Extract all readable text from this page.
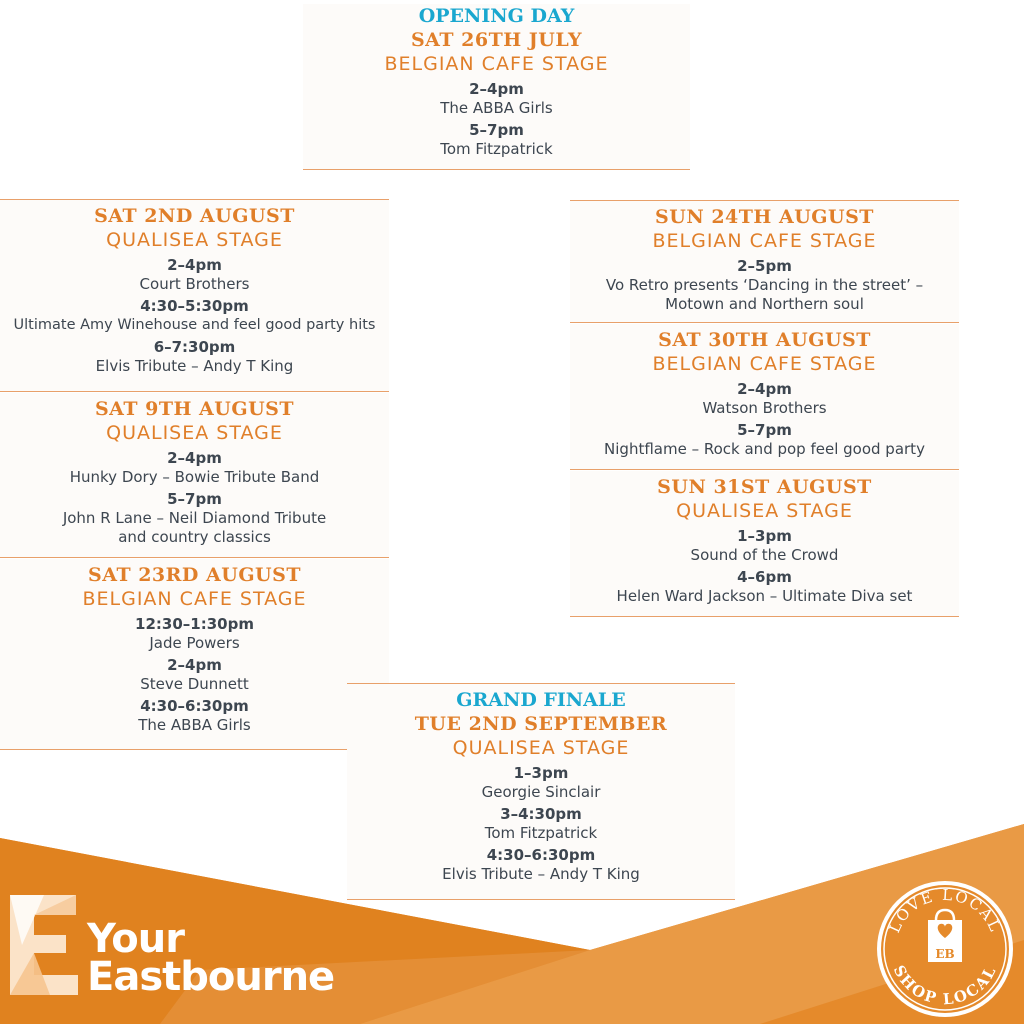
OPENING DAY
SAT 26TH JULY
BELGIAN CAFE STAGE
2–4pm
The ABBA Girls
5–7pm
Tom Fitzpatrick
SAT 2ND AUGUST
QUALISEA STAGE
2–4pm
Court Brothers
4:30–5:30pm
Ultimate Amy Winehouse and feel good party hits
6–7:30pm
Elvis Tribute – Andy T King
SAT 9TH AUGUST
QUALISEA STAGE
2–4pm
Hunky Dory – Bowie Tribute Band
5–7pm
John R Lane – Neil Diamond Tribute
and country classics
SAT 23RD AUGUST
BELGIAN CAFE STAGE
12:30–1:30pm
Jade Powers
2–4pm
Steve Dunnett
4:30–6:30pm
The ABBA Girls
SUN 24TH AUGUST
BELGIAN CAFE STAGE
2–5pm
Vo Retro presents ‘Dancing in the street’ –
Motown and Northern soul
SAT 30TH AUGUST
BELGIAN CAFE STAGE
2–4pm
Watson Brothers
5–7pm
Nightflame – Rock and pop feel good party
SUN 31ST AUGUST
QUALISEA STAGE
1–3pm
Sound of the Crowd
4–6pm
Helen Ward Jackson – Ultimate Diva set
GRAND FINALE
TUE 2ND SEPTEMBER
QUALISEA STAGE
1–3pm
Georgie Sinclair
3–4:30pm
Tom Fitzpatrick
4:30–6:30pm
Elvis Tribute – Andy T King
Your
Eastbourne
LOVE LOCAL
SHOP LOCAL
EB
